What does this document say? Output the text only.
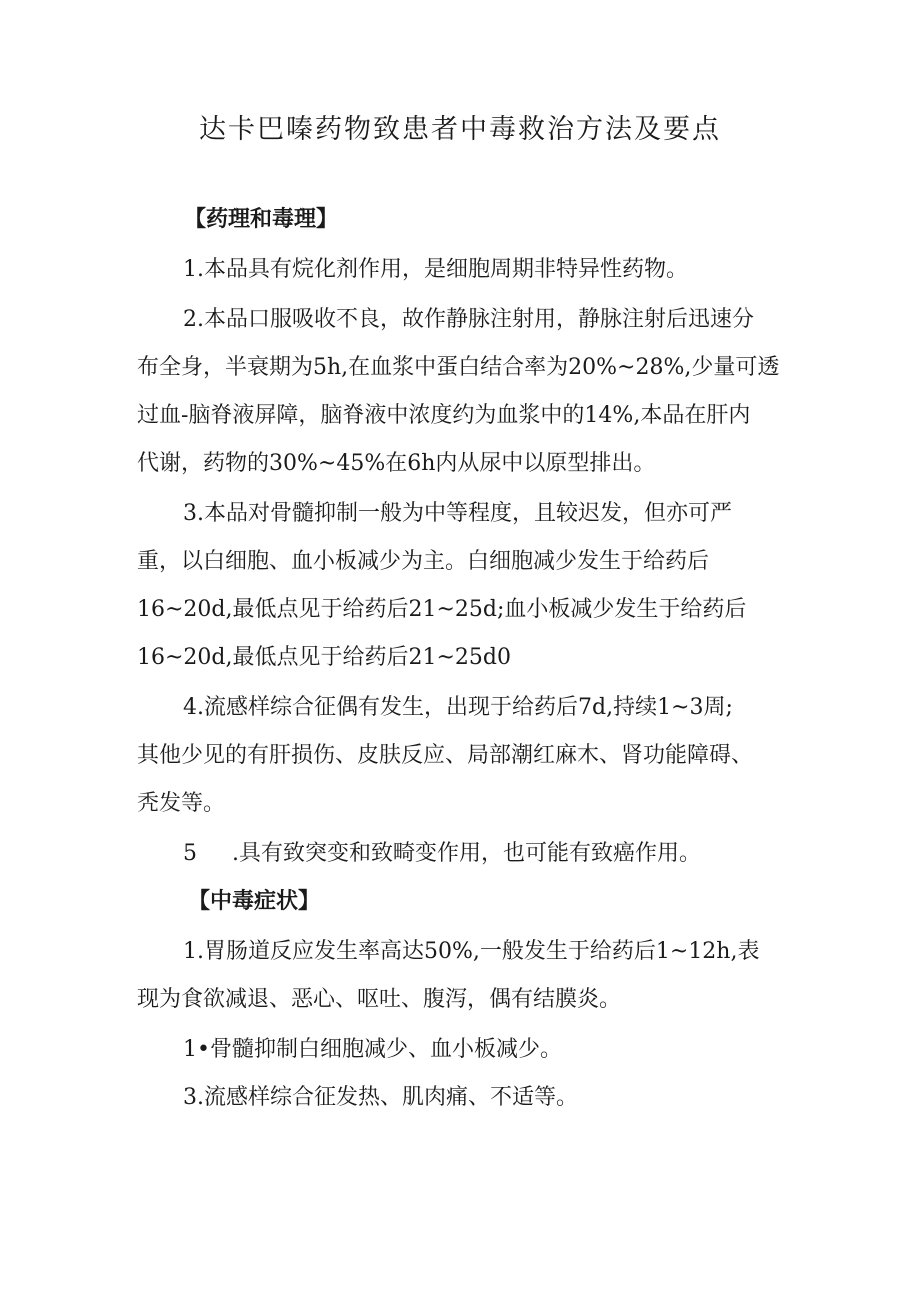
达卡巴嗪药物致患者中毒救治方法及要点
【药理和毒理】
1.本品具有烷化剂作用，是细胞周期非特异性药物。
2.本品口服吸收不良，故作静脉注射用，静脉注射后迅速分
布全身，半衰期为5h,在血浆中蛋白结合率为20%~28%,少量可透
过血-脑脊液屏障，脑脊液中浓度约为血浆中的14%,本品在肝内
代谢，药物的30%~45%在6h内从尿中以原型排出。
3.本品对骨髓抑制一般为中等程度，且较迟发，但亦可严
重，以白细胞、血小板减少为主。白细胞减少发生于给药后
16~20d,最低点见于给药后21~25d;血小板减少发生于给药后
16~20d,最低点见于给药后21~25d0
4.流感样综合征偶有发生，出现于给药后7d,持续1~3周;
其他少见的有肝损伤、皮肤反应、局部潮红麻木、肾功能障碍、
秃发等。
5     .具有致突变和致畸变作用，也可能有致癌作用。
【中毒症状】
1.胃肠道反应发生率高达50%,一般发生于给药后1~12h,表
现为食欲减退、恶心、呕吐、腹泻，偶有结膜炎。
1•骨髓抑制白细胞减少、血小板减少。
3.流感样综合征发热、肌肉痛、不适等。
